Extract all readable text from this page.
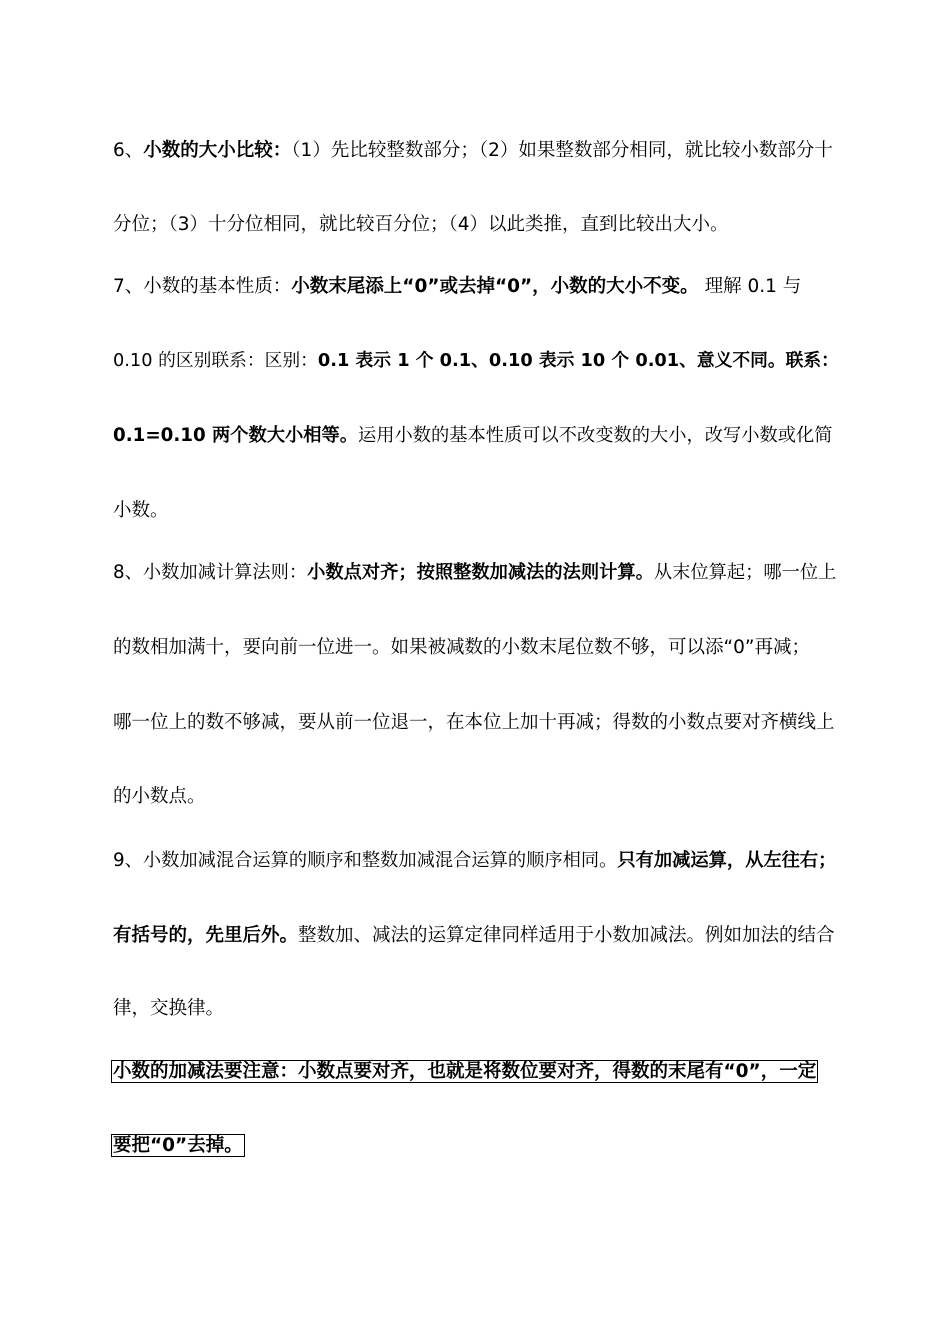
6、小数的大小比较：（1）先比较整数部分；（2）如果整数部分相同，就比较小数部分十
分位；（3）十分位相同，就比较百分位；（4）以此类推，直到比较出大小。
7、小数的基本性质：小数末尾添上“0”或去掉“0”，小数的大小不变。 理解 0.1 与
0.10 的区别联系：区别：0.1 表示 1 个 0.1、0.10 表示 10 个 0.01、意义不同。联系：
0.1=0.10 两个数大小相等。运用小数的基本性质可以不改变数的大小，改写小数或化简
小数。
8、小数加减计算法则：小数点对齐；按照整数加减法的法则计算。从末位算起；哪一位上
的数相加满十，要向前一位进一。如果被减数的小数末尾位数不够，可以添“0”再减；
哪一位上的数不够减，要从前一位退一，在本位上加十再减；得数的小数点要对齐横线上
的小数点。
9、小数加减混合运算的顺序和整数加减混合运算的顺序相同。只有加减运算，从左往右；
有括号的，先里后外。整数加、减法的运算定律同样适用于小数加减法。例如加法的结合
律，交换律。
小数的加减法要注意：小数点要对齐，也就是将数位要对齐，得数的末尾有“0”，一定
要把“0”去掉。
